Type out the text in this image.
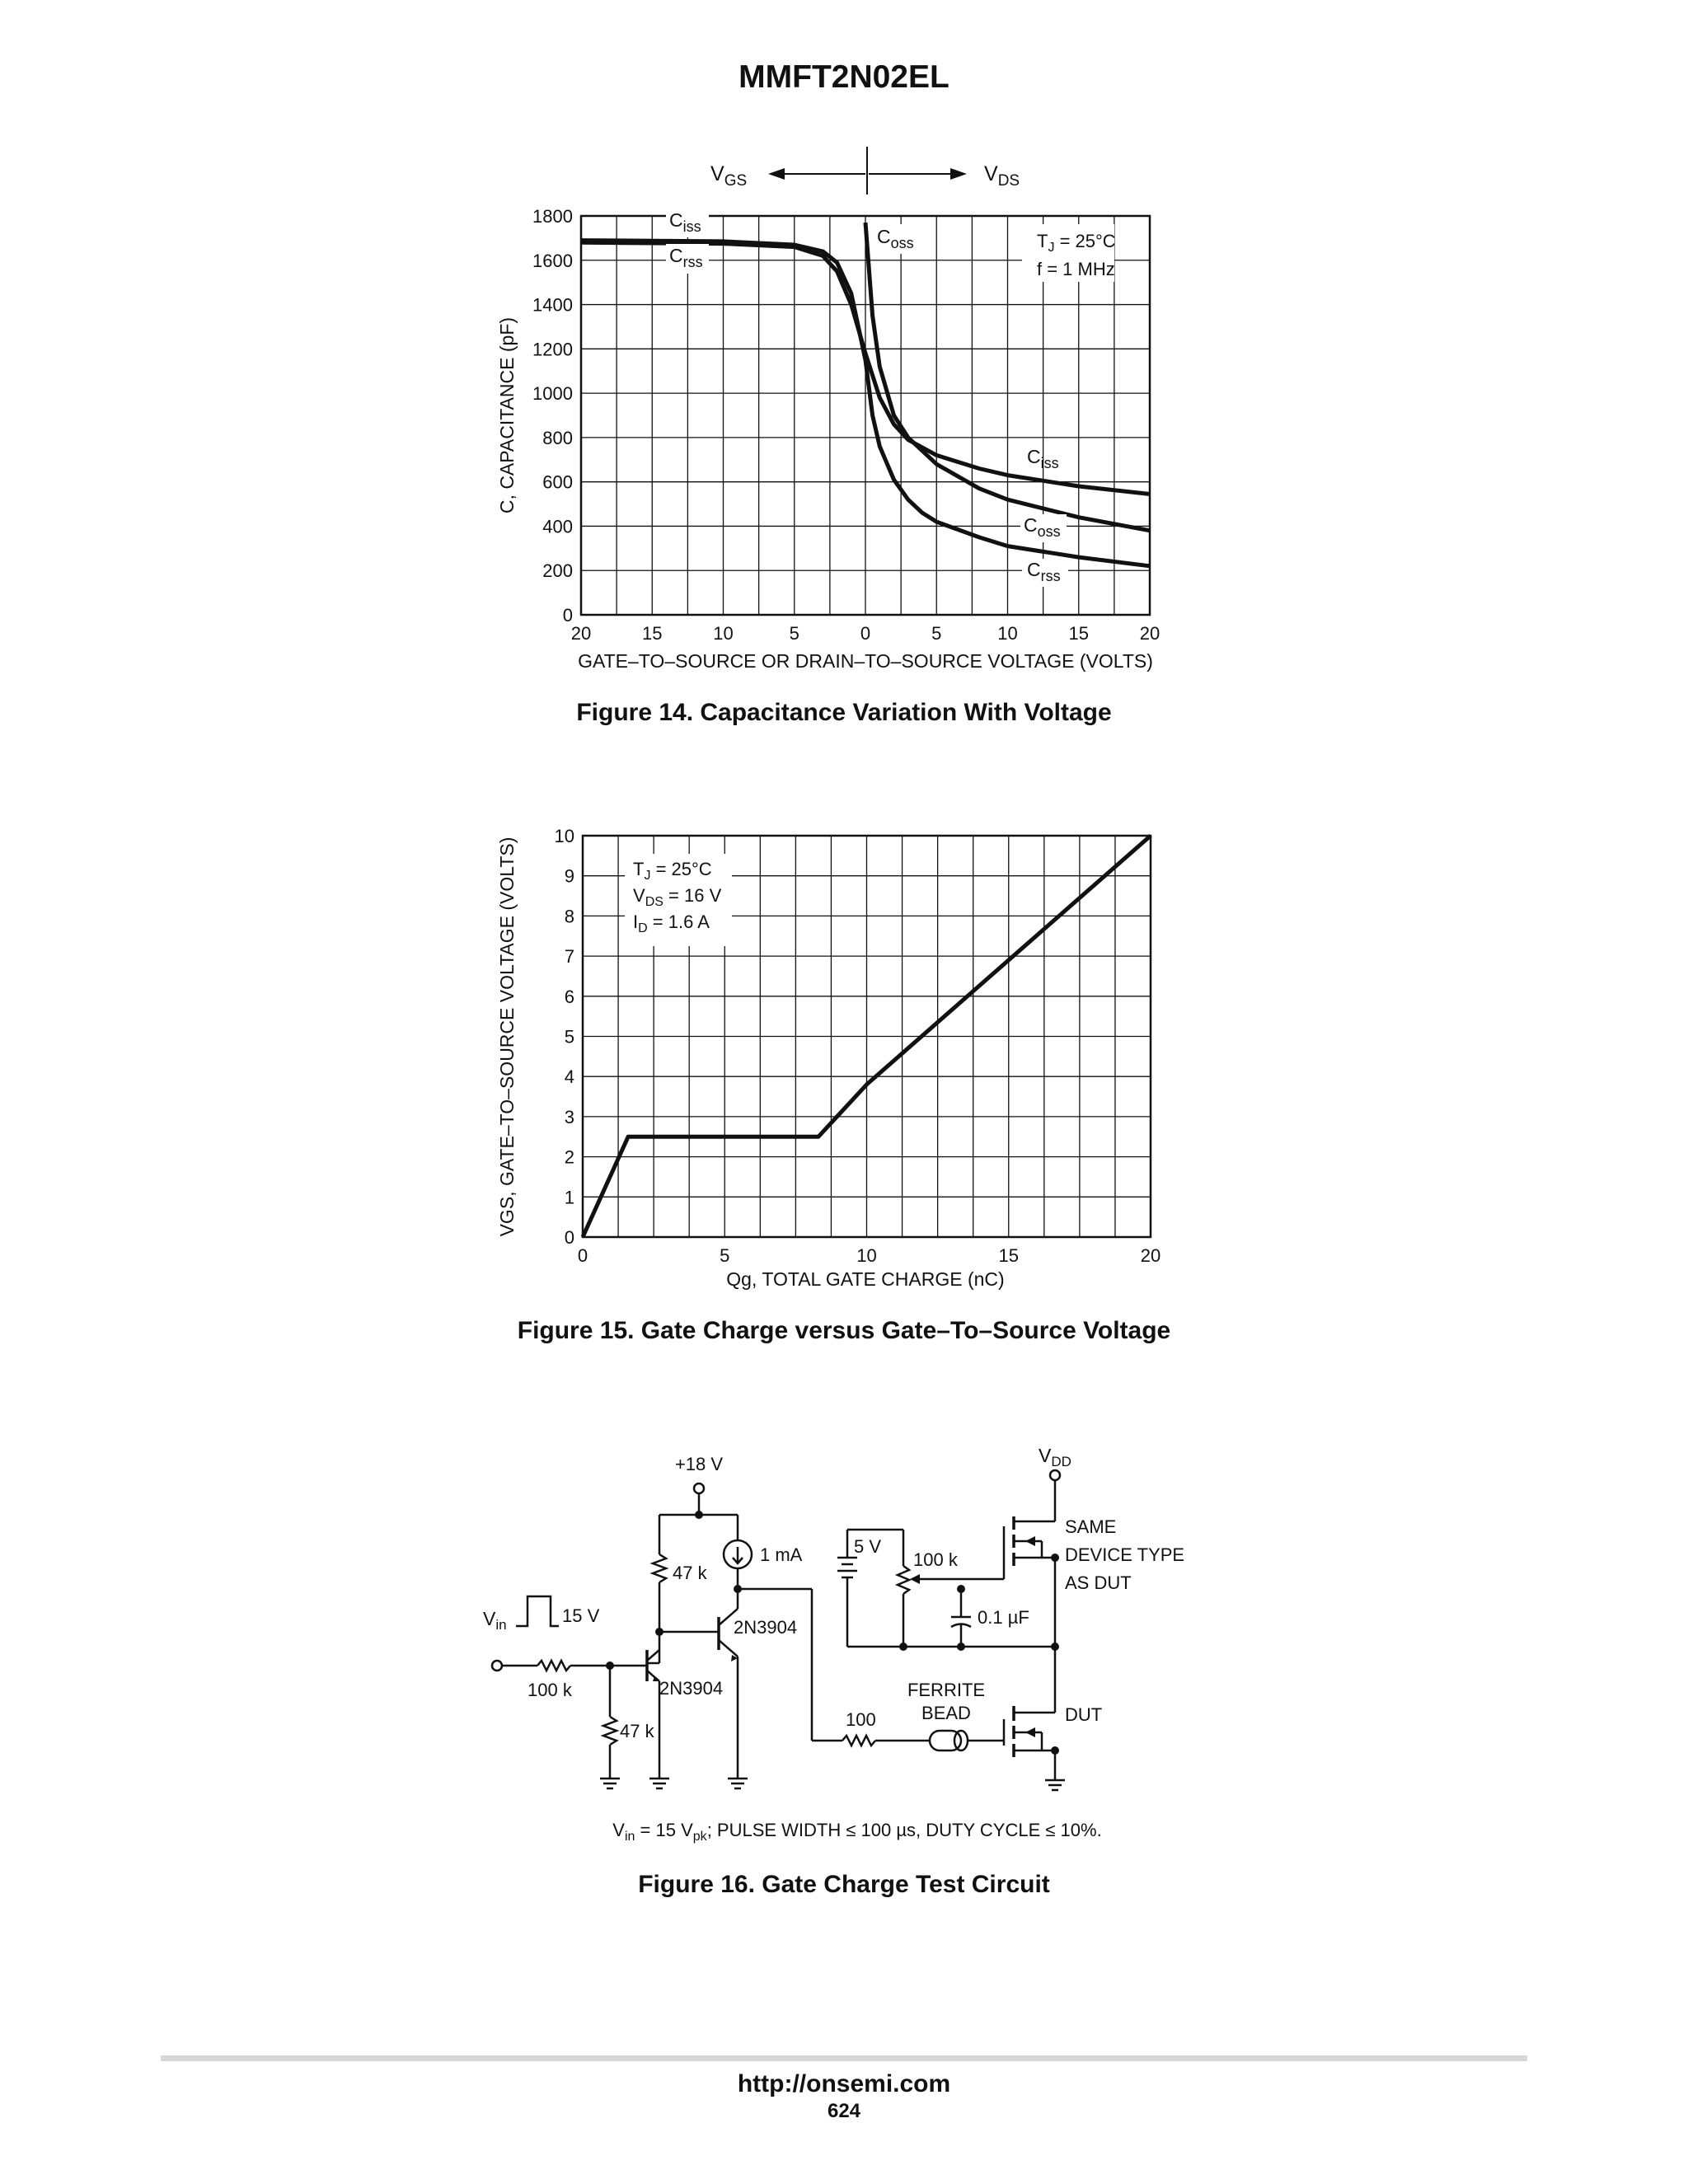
MMFT2N02EL
0
200
400
600
800
1000
1200
1400
1600
1800
20	15	10	5	0	5	10	15	20
$V_{GS}$	$V_{DS}$
$T_J = 25^\circ C$
f = 1 MHz
$C_{iss}$
$C_{rss}$
$C_{oss}$
$C_{iss}$
$C_{oss}$
$C_{rss}$
GATE–TO–SOURCE OR DRAIN–TO–SOURCE VOLTAGE (VOLTS)
C, CAPACITANCE (pF)
Figure 14. Capacitance Variation With Voltage
0
1
2
3
4
5
6
7
8
9
10
0	5	10	15	20
$T_J = 25^\circ C$
$V_{DS} = 16$ V
$I_D = 1.6$ A
Qg, TOTAL GATE CHARGE (nC)
VGS, GATE–TO–SOURCE VOLTAGE (VOLTS)
Figure 15. Gate Charge versus Gate–To–Source Voltage
+18 V	$V_{DD}$
47 k
1 mA	5 V
100 k
SAME
DEVICE TYPE
AS DUT
$V_{in}$	15 V
2N3904
2N3904
0.1 µF
100 k
47 k
100
FERRITE
BEAD	DUT
$V_{in} = 15$ $V_{pk}$; PULSE WIDTH ≤ 100 µs, DUTY CYCLE ≤ 10%.
Figure 16. Gate Charge Test Circuit
http://onsemi.com
624
